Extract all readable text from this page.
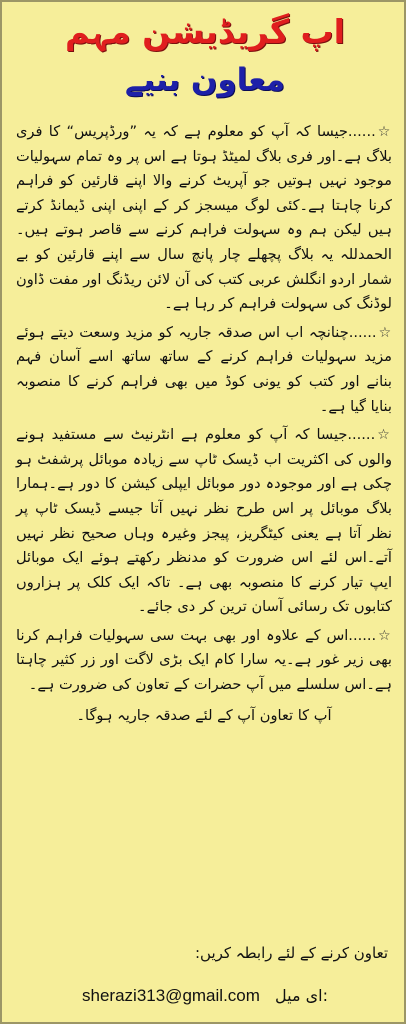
اپ گریڈیشن مہم
معاون بنیے

☆......جیسا کہ آپ کو معلوم ہے کہ یہ ”ورڈپریس“ کا فری بلاگ ہے۔اور فری بلاگ لمیٹڈ ہوتا ہے اس پر وہ تمام سہولیات موجود نہیں ہوتیں جو آپریٹ کرنے والا اپنے قارئین کو فراہم کرنا چاہتا ہے۔کئی لوگ میسجز کر کے اپنی اپنی ڈیمانڈ کرتے ہیں لیکن ہم وہ سہولت فراہم کرنے سے قاصر ہوتے ہیں۔ الحمدللہ یہ بلاگ پچھلے چار پانچ سال سے اپنے قارئین کو بے شمار اردو انگلش عربی کتب کی آن لائن ریڈنگ اور مفت ڈاون لوڈنگ کی سہولت فراہم کر رہا ہے۔

☆......چنانچہ اب اس صدقہ جاریہ کو مزید وسعت دیتے ہوئے مزید سہولیات فراہم کرنے کے ساتھ ساتھ اسے آسان فہم بنانے اور کتب کو یونی کوڈ میں بھی فراہم کرنے کا منصوبہ بنایا گیا ہے۔

☆......جیسا کہ آپ کو معلوم ہے انٹرنیٹ سے مستفید ہونے والوں کی اکثریت اب ڈیسک ٹاپ سے زیادہ موبائل پرشفٹ ہو چکی ہے اور موجودہ دور موبائل ایپلی کیشن کا دور ہے۔ہمارا بلاگ موبائل پر اس طرح نظر نہیں آتا جیسے ڈیسک ٹاپ پر نظر آتا ہے یعنی کیٹگریز، پیجز وغیرہ وہاں صحیح نظر نہیں آتے۔اس لئے اس ضرورت کو مدنظر رکھتے ہوئے ایک موبائل ایپ تیار کرنے کا منصوبہ بھی ہے۔ تاکہ ایک کلک پر ہزاروں کتابوں تک رسائی آسان ترین کر دی جائے۔

☆......اس کے علاوہ اور بھی بہت سی سہولیات فراہم کرنا بھی زیر غور ہے۔یہ سارا کام ایک بڑی لاگت اور زر کثیر چاہتا ہے۔اس سلسلے میں آپ حضرات کے تعاون کی ضرورت ہے۔

آپ کا تعاون آپ کے لئے صدقہ جاریہ ہوگا۔

تعاون کرنے کے لئے رابطہ کریں:
sherazi313@gmail.com ای میل:
